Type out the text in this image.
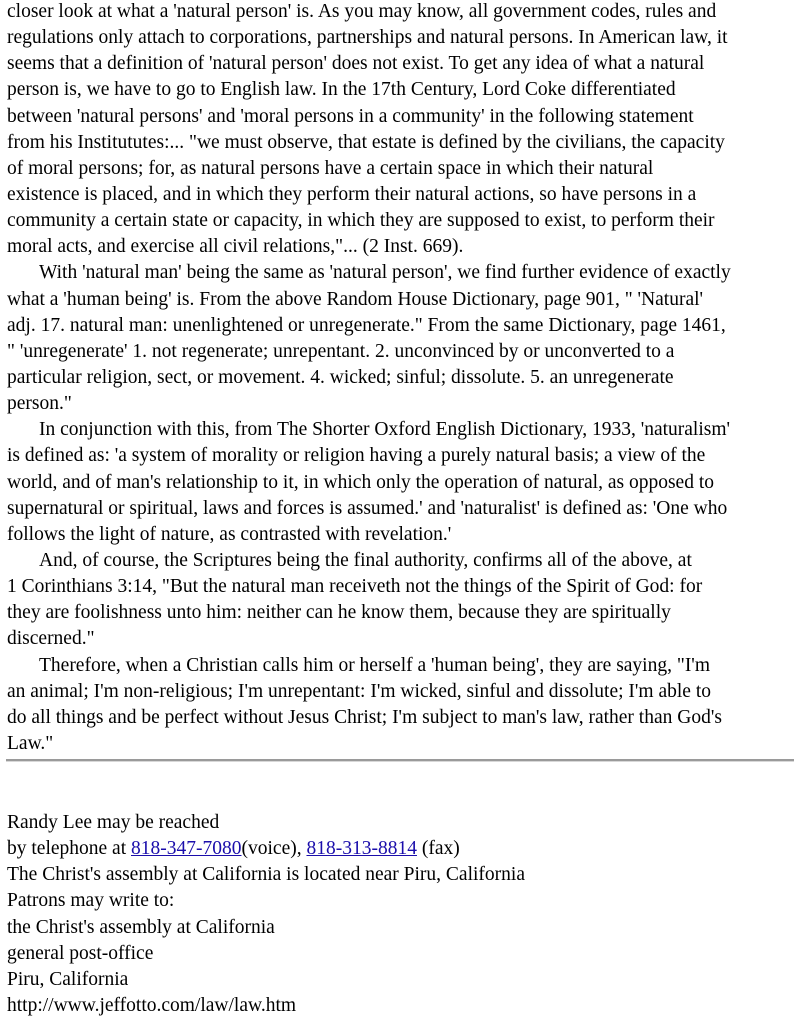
closer look at what a 'natural person' is. As you may know, all government codes, rules and
regulations only attach to corporations, partnerships and natural persons. In American law, it
seems that a definition of 'natural person' does not exist. To get any idea of what a natural
person is, we have to go to English law. In the 17th Century, Lord Coke differentiated
between 'natural persons' and 'moral persons in a community' in the following statement
from his Institututes:... "we must observe, that estate is defined by the civilians, the capacity
of moral persons; for, as natural persons have a certain space in which their natural
existence is placed, and in which they perform their natural actions, so have persons in a
community a certain state or capacity, in which they are supposed to exist, to perform their
moral acts, and exercise all civil relations,"... (2 Inst. 669).
With 'natural man' being the same as 'natural person', we find further evidence of exactly
what a 'human being' is. From the above Random House Dictionary, page 901, " 'Natural'
adj. 17. natural man: unenlightened or unregenerate." From the same Dictionary, page 1461,
" 'unregenerate' 1. not regenerate; unrepentant. 2. unconvinced by or unconverted to a
particular religion, sect, or movement. 4. wicked; sinful; dissolute. 5. an unregenerate
person."
In conjunction with this, from The Shorter Oxford English Dictionary, 1933, 'naturalism'
is defined as: 'a system of morality or religion having a purely natural basis; a view of the
world, and of man's relationship to it, in which only the operation of natural, as opposed to
supernatural or spiritual, laws and forces is assumed.' and 'naturalist' is defined as: 'One who
follows the light of nature, as contrasted with revelation.'
And, of course, the Scriptures being the final authority, confirms all of the above, at
1 Corinthians 3:14, "But the natural man receiveth not the things of the Spirit of God: for
they are foolishness unto him: neither can he know them, because they are spiritually
discerned."
Therefore, when a Christian calls him or herself a 'human being', they are saying, "I'm
an animal; I'm non-religious; I'm unrepentant: I'm wicked, sinful and dissolute; I'm able to
do all things and be perfect without Jesus Christ; I'm subject to man's law, rather than God's
Law."
Randy Lee may be reached
by telephone at 818-347-7080(voice), 818-313-8814 (fax)
The Christ's assembly at California is located near Piru, California
Patrons may write to:
the Christ's assembly at California
general post-office
Piru, California
http://www.jeffotto.com/law/law.htm
